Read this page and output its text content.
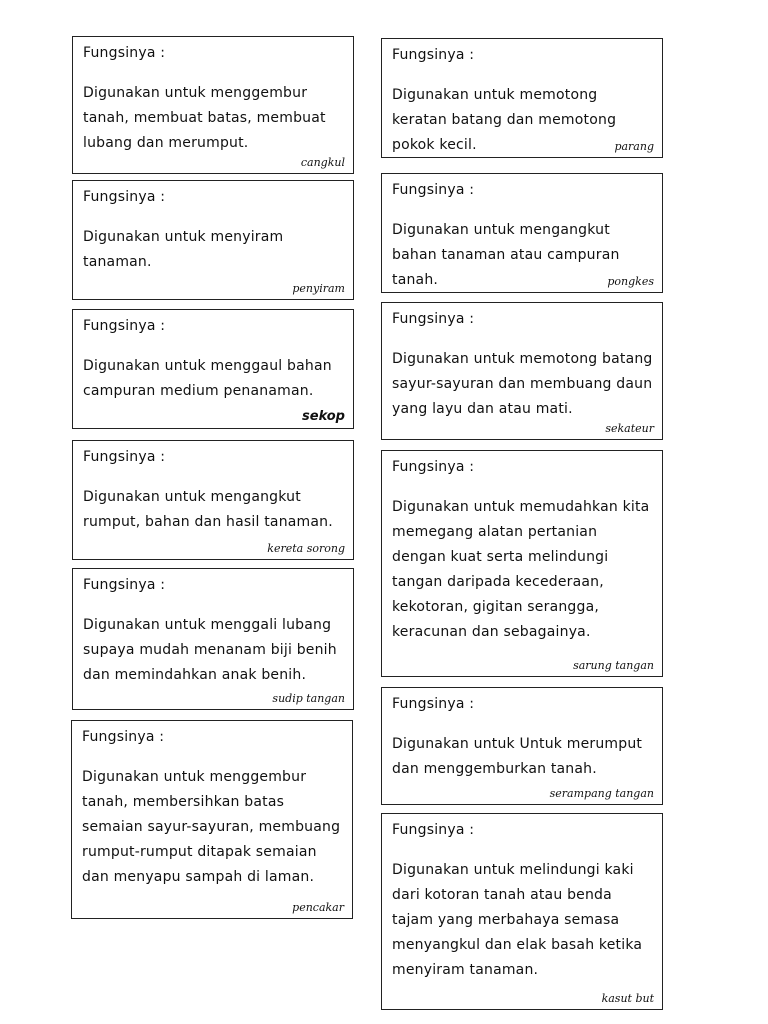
Fungsinya :
Digunakan untuk menggembur tanah, membuat batas, membuat lubang dan merumput.
cangkul
Fungsinya :
Digunakan untuk menyiram tanaman.
penyiram
Fungsinya :
Digunakan untuk menggaul bahan campuran medium penanaman.
sekop
Fungsinya :
Digunakan untuk mengangkut rumput, bahan dan hasil tanaman.
kereta sorong
Fungsinya :
Digunakan untuk menggali lubang supaya mudah menanam biji benih dan memindahkan anak benih.
sudip tangan
Fungsinya :
Digunakan untuk menggembur tanah, membersihkan batas semaian sayur-sayuran, membuang rumput-rumput ditapak semaian dan menyapu sampah di laman.
pencakar
Fungsinya :
Digunakan untuk memotong keratan batang dan memotong pokok kecil.	parang
Fungsinya :
Digunakan untuk mengangkut bahan tanaman atau campuran tanah.	pongkes
Fungsinya :
Digunakan untuk memotong batang sayur-sayuran dan membuang daun yang layu dan atau mati.
sekateur
Fungsinya :
Digunakan untuk memudahkan kita memegang alatan pertanian dengan kuat serta melindungi tangan daripada kecederaan, kekotoran, gigitan serangga, keracunan dan sebagainya.
sarung tangan
Fungsinya :
Digunakan untuk Untuk merumput dan menggemburkan tanah.
serampang tangan
Fungsinya :
Digunakan untuk melindungi kaki dari kotoran tanah atau benda tajam yang merbahaya semasa menyangkul dan elak basah ketika menyiram tanaman.
kasut but
